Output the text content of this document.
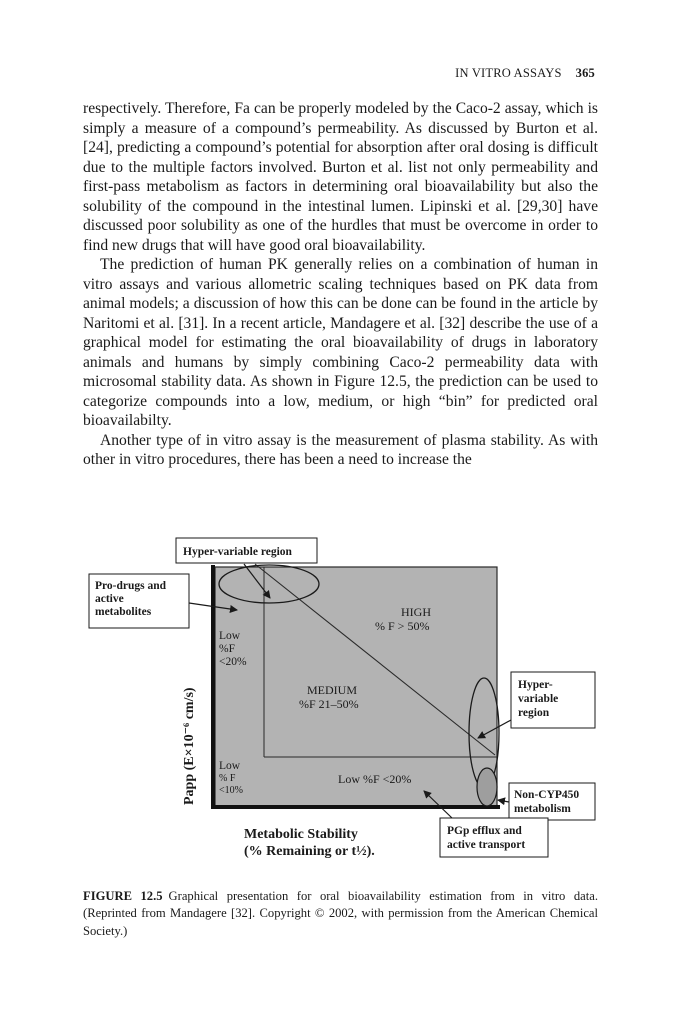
IN VITRO ASSAYS 365

respectively. Therefore, Fa can be properly modeled by the Caco-2 assay, which is simply a measure of a compound’s permeability. As discussed by Burton et al. [24], predicting a compound’s potential for absorption after oral dosing is difficult due to the multiple factors involved. Burton et al. list not only permeability and first-pass metabolism as factors in determining oral bioavailability but also the solubility of the compound in the intestinal lumen. Lipinski et al. [29,30] have discussed poor solubility as one of the hurdles that must be overcome in order to find new drugs that will have good oral bioavailability.

The prediction of human PK generally relies on a combination of human in vitro assays and various allometric scaling techniques based on PK data from animal models; a discussion of how this can be done can be found in the article by Naritomi et al. [31]. In a recent article, Mandagere et al. [32] describe the use of a graphical model for estimating the oral bioavailability of drugs in laboratory animals and humans by simply combining Caco-2 permeability data with microsomal stability data. As shown in Figure 12.5, the prediction can be used to categorize compounds into a low, medium, or high “bin” for predicted oral bioavailabilty.

Another type of in vitro assay is the measurement of plasma stability. As with other in vitro procedures, there has been a need to increase the

Hyper-variable region
Pro-drugs and
active
metabolites
Hyper-
variable
region
Non-CYP450
metabolism
PGp efflux and
active transport
HIGH
% F > 50%
MEDIUM
%F 21–50%
Low
%F
<20%
Low
% F
<10%
Low %F <20%
Papp (E×10⁻⁶ cm/s)
Metabolic Stability
(% Remaining or t½).
FIGURE 12.5 Graphical presentation for oral bioavailability estimation from in vitro data. (Reprinted from Mandagere [32]. Copyright © 2002, with permission from the American Chemical Society.)
